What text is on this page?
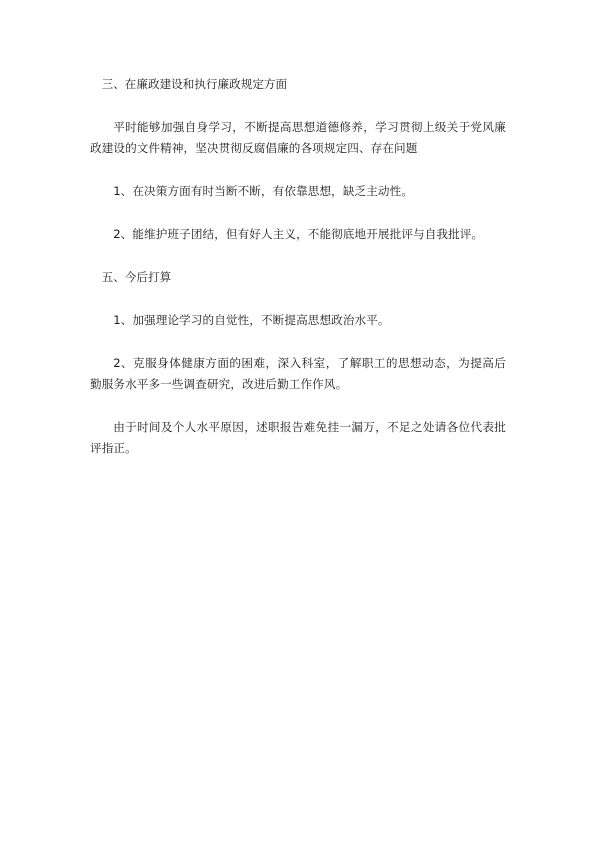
三、在廉政建设和执行廉政规定方面

平时能够加强自身学习，不断提高思想道德修养，学习贯彻上级关于党风廉政建设的文件精神，坚决贯彻反腐倡廉的各项规定四、存在问题

1、在决策方面有时当断不断，有依靠思想，缺乏主动性。

2、能维护班子团结，但有好人主义，不能彻底地开展批评与自我批评。

五、今后打算

1、加强理论学习的自觉性，不断提高思想政治水平。

2、克服身体健康方面的困难，深入科室，了解职工的思想动态，为提高后勤服务水平多一些调查研究，改进后勤工作作风。

由于时间及个人水平原因，述职报告难免挂一漏万，不足之处请各位代表批评指正。
